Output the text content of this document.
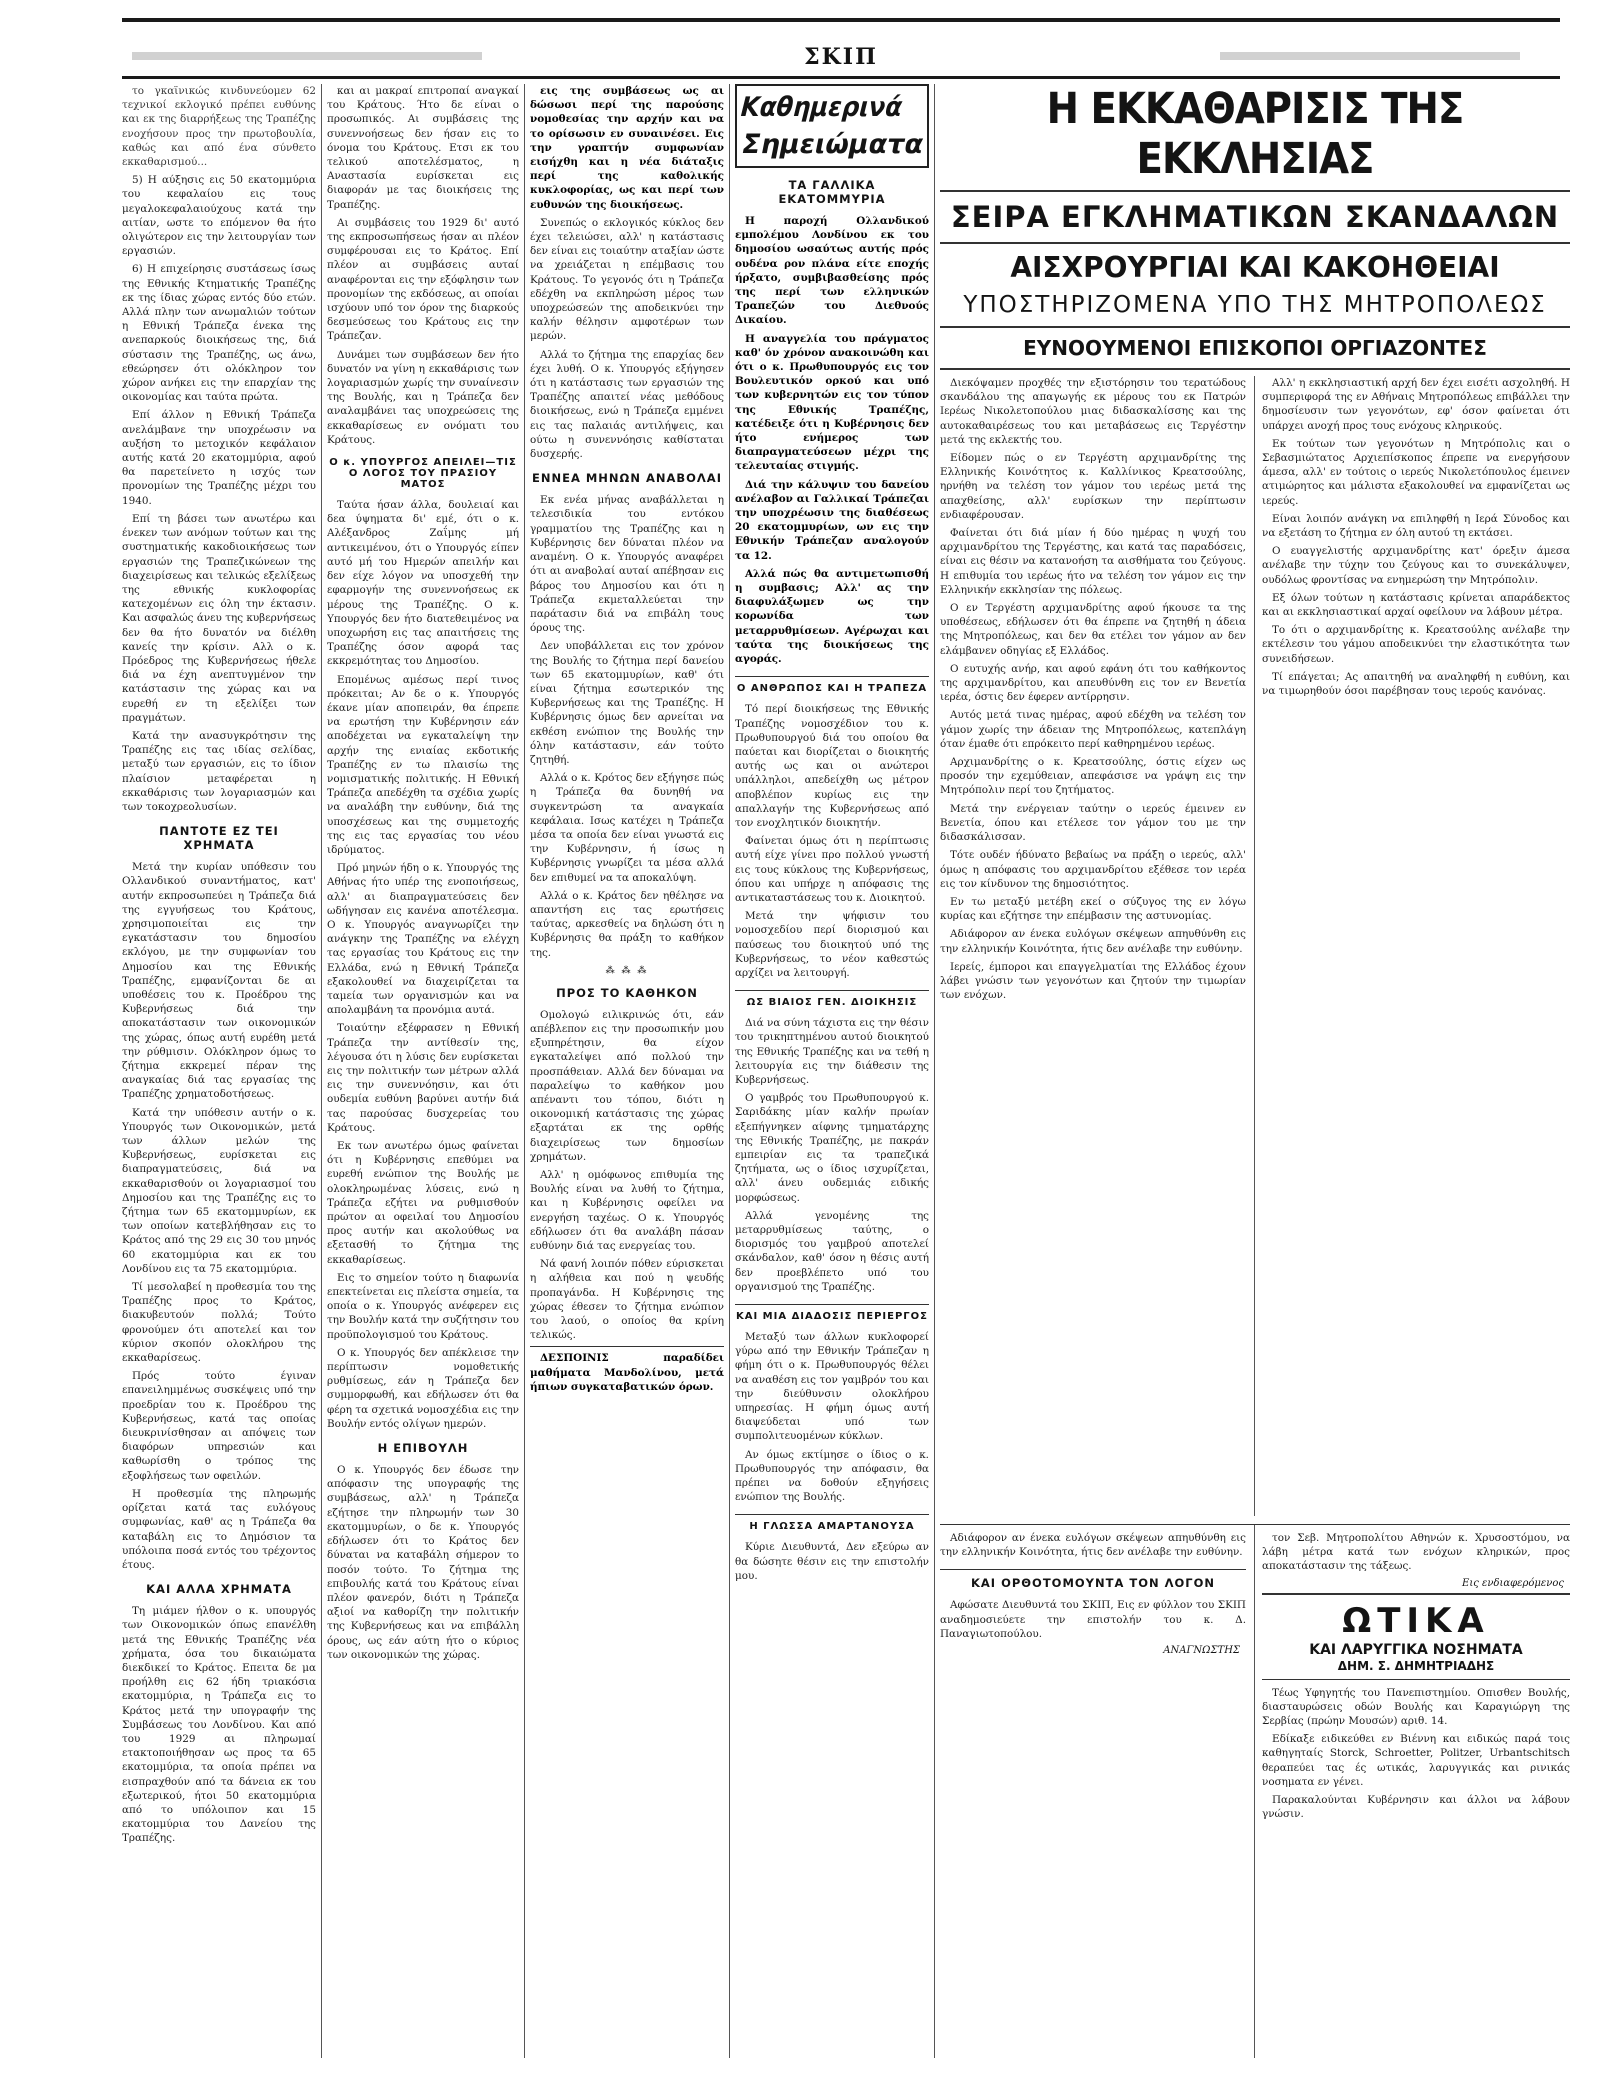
ΣΚΙΠ

το γκαϊνικώς κινδυνεύομεν 62 τεχνικοί εκλογικό πρέπει ευθύνης και εκ της διαρρήξεως της Τραπέζης ενοχήσουν προς την πρωτοβουλία, καθώς και από ένα σύνθετο εκκαθαρισμού...

5) Η αύξησις εις 50 εκατομμύρια του κεφαλαίου εις τους μεγαλοκεφαλαιούχους κατά την αιτίαν, ωστε το επόμενον θα ήτο ολιγώτερον εις την λειτουργίαν των εργασιών.

6) Η επιχείρησις συστάσεως ίσως της Εθνικής Κτηματικής Τραπέζης εκ της ίδιας χώρας εντός δύο ετών. Αλλά πλην των ανωμαλιών τούτων η Εθνική Τράπεζα ένεκα της ανεπαρκούς διοικήσεως της, διά σύστασιν της Τραπέζης, ως άνω, εθεώρησεν ότι ολόκληρον τον χώρον ανήκει εις την επαρχίαν της οικονομίας και ταύτα πρώτα.

Επί άλλον η Εθνική Τράπεζα ανελάμβανε την υποχρέωσιν να αυξήση το μετοχικόν κεφάλαιον αυτής κατά 20 εκατομμύρια, αφού θα παρετείνετο η ισχύς των προνομίων της Τραπέζης μέχρι του 1940.

Επί τη βάσει των ανωτέρω και ένεκεν των ανόμων τούτων και της συστηματικής κακοδιοικήσεως των εργασιών της Τραπεζικώνεων της διαχειρίσεως και τελικώς εξελίξεως της εθνικής κυκλοφορίας κατεχομένων εις όλη την έκτασιν. Και ασφαλώς άνευ της κυβερνήσεως δεν θα ήτο δυνατόν να διέλθη κανείς την κρίσιν. Αλλ ο κ. Πρόεδρος της Κυβερνήσεως ήθελε διά να έχη ανεπτυγμένον την κατάστασιν της χώρας και να ευρεθή εν τη εξελίξει των πραγμάτων.

Κατά την ανασυγκρότησιν της Τραπέζης εις τας ιδίας σελίδας, μεταξύ των εργασιών, εις το ίδιον πλαίσιον μεταφέρεται η εκκαθάρισις των λογαριασμών και των τοκοχρεολυσίων.

ΠΑΝΤΟΤΕ ΕΖ ΤΕΙ ΧΡΗΜΑΤΑ

Μετά την κυρίαν υπόθεσιν του Ολλανδικού συναντήματος, κατ' αυτήν εκπροσωπεύει η Τράπεζα διά της εγγυήσεως του Κράτους, χρησιμοποιείται εις την εγκατάστασιν του δημοσίου εκλόγου, με την συμφωνίαν του Δημοσίου και της Εθνικής Τραπέζης, εμφανίζονται δε αι υποθέσεις του κ. Προέδρου της Κυβερνήσεως διά την αποκατάστασιν των οικονομικών της χώρας, όπως αυτή ευρέθη μετά την ρύθμισιν. Ολόκληρον όμως το ζήτημα εκκρεμεί πέραν της αναγκαίας διά τας εργασίας της Τραπέζης χρηματοδοτήσεως.

Κατά την υπόθεσιν αυτήν ο κ. Υπουργός των Οικονομικών, μετά των άλλων μελών της Κυβερνήσεως, ευρίσκεται εις διαπραγματεύσεις, διά να εκκαθαρισθούν οι λογαριασμοί του Δημοσίου και της Τραπέζης εις το ζήτημα των 65 εκατομμυρίων, εκ των οποίων κατεβλήθησαν εις το Κράτος από της 29 εις 30 του μηνός 60 εκατομμύρια και εκ του Λονδίνου εις τα 75 εκατομμύρια.

Τί μεσολαβεί η προθεσμία του της Τραπέζης προς το Κράτος, διακυβευτούν πολλά; Τούτο φρονούμεν ότι αποτελεί και τον κύριον σκοπόν ολοκλήρου της εκκαθαρίσεως.

Πρός τούτο έγιναν επανειλημμένως συσκέψεις υπό την προεδρίαν του κ. Προέδρου της Κυβερνήσεως, κατά τας οποίας διευκρινίσθησαν αι απόψεις των διαφόρων υπηρεσιών και καθωρίσθη ο τρόπος της εξοφλήσεως των οφειλών.

Η προθεσμία της πληρωμής ορίζεται κατά τας ευλόγους συμφωνίας, καθ' ας η Τράπεζα θα καταβάλη εις το Δημόσιον τα υπόλοιπα ποσά εντός του τρέχοντος έτους.

ΚΑΙ ΑΛΛΑ ΧΡΗΜΑΤΑ

Τη μιάμεν ήλθον ο κ. υπουργός των Οικονομικών όπως επανέλθη μετά της Εθνικής Τραπέζης νέα χρήματα, όσα του δικαιώματα διεκδικεί το Κράτος. Επειτα δε μα προήλθη εις 62 ήδη τριακόσια εκατομμύρια, η Τράπεζα εις το Κράτος μετά την υπογραφήν της Συμβάσεως του Λονδίνου. Και από του 1929 αι πληρωμαί ετακτοποιήθησαν ως προς τα 65 εκατομμύρια, τα οποία πρέπει να εισπραχθούν από τα δάνεια εκ του εξωτερικού, ήτοι 50 εκατομμύρια από το υπόλοιπον και 15 εκατομμύρια του Δανείου της Τραπέζης.

και αι μακραί επιτροπαί αναγκαί του Κράτους. Ήτο δε είναι ο προσωπικός. Αι συμβάσεις της συνεννοήσεως δεν ήσαν εις το όνομα του Κράτους. Ετσι εκ του τελικού αποτελέσματος, η Αναστασία ευρίσκεται εις διαφοράν με τας διοικήσεις της Τραπέζης.

Αι συμβάσεις του 1929 δι' αυτό της εκπροσωπήσεως ήσαν αι πλέον συμφέρουσαι εις το Κράτος. Επί πλέον αι συμβάσεις αυταί αναφέρονται εις την εξόφλησιν των προνομίων της εκδόσεως, αι οποίαι ισχύουν υπό τον όρον της διαρκούς δεσμεύσεως του Κράτους εις την Τράπεζαν.

Δυνάμει των συμβάσεων δεν ήτο δυνατόν να γίνη η εκκαθάρισις των λογαριασμών χωρίς την συναίνεσιν της Βουλής, και η Τράπεζα δεν αναλαμβάνει τας υποχρεώσεις της εκκαθαρίσεως εν ονόματι του Κράτους.

Ο κ. ΥΠΟΥΡΓΟΣ ΑΠΕΙΛΕΙ—ΤΙΣ Ο ΛΟΓΟΣ ΤΟΥ ΠΡΑΣΙΟΥ ΜΑΤΟΣ

Ταύτα ήσαν άλλα, δουλειαί και δεα ύψηματα δι' εμέ, ότι ο κ. Αλέξανδρος Ζαΐμης μή αντικειμένου, ότι ο Υπουργός είπεν αυτό μή του Ημερών απειλήν και δεν είχε λόγον να υποσχεθή την εφαρμογήν της συνεννοήσεως εκ μέρους της Τραπέζης. Ο κ. Υπουργός δεν ήτο διατεθειμένος να υποχωρήση εις τας απαιτήσεις της Τραπέζης όσον αφορά τας εκκρεμότητας του Δημοσίου.

Επομένως αμέσως περί τινος πρόκειται; Αν δε ο κ. Υπουργός έκανε μίαν αποπειράν, θα έπρεπε να ερωτήση την Κυβέρνησιν εάν αποδέχεται να εγκαταλείψη την αρχήν της ενιαίας εκδοτικής Τραπέζης εν τω πλαισίω της νομισματικής πολιτικής. Η Εθνική Τράπεζα απεδέχθη τα σχέδια χωρίς να αναλάβη την ευθύνην, διά της υποσχέσεως και της συμμετοχής της εις τας εργασίας του νέου ιδρύματος.

Πρό μηνών ήδη ο κ. Υπουργός της Αθήνας ήτο υπέρ της ενοποιήσεως, αλλ' αι διαπραγματεύσεις δεν ωδήγησαν εις κανένα αποτέλεσμα. Ο κ. Υπουργός αναγνωρίζει την ανάγκην της Τραπέζης να ελέγχη τας εργασίας του Κράτους εις την Ελλάδα, ενώ η Εθνική Τράπεζα εξακολουθεί να διαχειρίζεται τα ταμεία των οργανισμών και να απολαμβάνη τα προνόμια αυτά.

Τοιαύτην εξέφρασεν η Εθνική Τράπεζα την αντίθεσίν της, λέγουσα ότι η λύσις δεν ευρίσκεται εις την πολιτικήν των μέτρων αλλά εις την συνεννόησιν, και ότι ουδεμία ευθύνη βαρύνει αυτήν διά τας παρούσας δυσχερείας του Κράτους.

Εκ των ανωτέρω όμως φαίνεται ότι η Κυβέρνησις επεθύμει να ευρεθή ενώπιον της Βουλής με ολοκληρωμένας λύσεις, ενώ η Τράπεζα εζήτει να ρυθμισθούν πρώτον αι οφειλαί του Δημοσίου προς αυτήν και ακολούθως να εξετασθή το ζήτημα της εκκαθαρίσεως.

Εις το σημείον τούτο η διαφωνία επεκτείνεται εις πλείστα σημεία, τα οποία ο κ. Υπουργός ανέφερεν εις την Βουλήν κατά την συζήτησιν του προϋπολογισμού του Κράτους.

Ο κ. Υπουργός δεν απέκλεισε την περίπτωσιν νομοθετικής ρυθμίσεως, εάν η Τράπεζα δεν συμμορφωθή, και εδήλωσεν ότι θα φέρη τα σχετικά νομοσχέδια εις την Βουλήν εντός ολίγων ημερών.

Η ΕΠΙΒΟΥΛΗ

Ο κ. Υπουργός δεν έδωσε την απόφασιν της υπογραφής της συμβάσεως, αλλ' η Τράπεζα εζήτησε την πληρωμήν των 30 εκατομμυρίων, ο δε κ. Υπουργός εδήλωσεν ότι το Κράτος δεν δύναται να καταβάλη σήμερον το ποσόν τούτο. Το ζήτημα της επιβουλής κατά του Κράτους είναι πλέον φανερόν, διότι η Τράπεζα αξιοί να καθορίζη την πολιτικήν της Κυβερνήσεως και να επιβάλλη όρους, ως εάν αύτη ήτο ο κύριος των οικονομικών της χώρας.

εις της συμβάσεως ως αι δώσωσι περί της παρούσης νομοθεσίας την αρχήν και να το ορίσωσιν εν συναινέσει. Εις την γραπτήν συμφωνίαν εισήχθη και η νέα διάταξις περί της καθολικής κυκλοφορίας, ως και περί των ευθυνών της διοικήσεως.

Συνεπώς ο εκλογικός κύκλος δεν έχει τελειώσει, αλλ' η κατάστασις δεν είναι εις τοιαύτην αταξίαν ώστε να χρειάζεται η επέμβασις του Κράτους. Το γεγονός ότι η Τράπεζα εδέχθη να εκπληρώση μέρος των υποχρεώσεών της αποδεικνύει την καλήν θέλησιν αμφοτέρων των μερών.

Αλλά το ζήτημα της επαρχίας δεν έχει λυθή. Ο κ. Υπουργός εξήγησεν ότι η κατάστασις των εργασιών της Τραπέζης απαιτεί νέας μεθόδους διοικήσεως, ενώ η Τράπεζα εμμένει εις τας παλαιάς αντιλήψεις, και ούτω η συνεννόησις καθίσταται δυσχερής.

ΕΝΝΕΑ ΜΗΝΩΝ ΑΝΑΒΟΛΑΙ

Εκ ενέα μήνας αναβάλλεται η τελεσιδικία του εντόκου γραμματίου της Τραπέζης και η Κυβέρνησις δεν δύναται πλέον να αναμένη. Ο κ. Υπουργός αναφέρει ότι αι αναβολαί αυταί απέβησαν εις βάρος του Δημοσίου και ότι η Τράπεζα εκμεταλλεύεται την παράτασιν διά να επιβάλη τους όρους της.

Δεν υποβάλλεται εις τον χρόνον της Βουλής το ζήτημα περί δανείου των 65 εκατομμυρίων, καθ' ότι είναι ζήτημα εσωτερικόν της Κυβερνήσεως και της Τραπέζης. Η Κυβέρνησις όμως δεν αρνείται να εκθέση ενώπιον της Βουλής την όλην κατάστασιν, εάν τούτο ζητηθή.

Αλλά ο κ. Κρότος δεν εξήγησε πώς η Τράπεζα θα δυνηθή να συγκεντρώση τα αναγκαία κεφάλαια. Ισως κατέχει η Τράπεζα μέσα τα οποία δεν είναι γνωστά εις την Κυβέρνησιν, ή ίσως η Κυβέρνησις γνωρίζει τα μέσα αλλά δεν επιθυμεί να τα αποκαλύψη.

Αλλά ο κ. Κράτος δεν ηθέλησε να απαντήση εις τας ερωτήσεις ταύτας, αρκεσθείς να δηλώση ότι η Κυβέρνησις θα πράξη το καθήκον της.

⁂ ⁂ ⁂
ΠΡΟΣ ΤΟ ΚΑΘΗΚΟΝ

Ομολογώ ειλικρινώς ότι, εάν απέβλεπον εις την προσωπικήν μου εξυπηρέτησιν, θα είχον εγκαταλείψει από πολλού την προσπάθειαν. Αλλά δεν δύναμαι να παραλείψω το καθήκον μου απέναντι του τόπου, διότι η οικονομική κατάστασις της χώρας εξαρτάται εκ της ορθής διαχειρίσεως των δημοσίων χρημάτων.

Αλλ' η ομόφωνος επιθυμία της Βουλής είναι να λυθή το ζήτημα, και η Κυβέρνησις οφείλει να ενεργήση ταχέως. Ο κ. Υπουργός εδήλωσεν ότι θα αναλάβη πάσαν ευθύνην διά τας ενεργείας του.

Νά φανή λοιπόν πόθεν εύρισκεται η αλήθεια και πού η ψευδής προπαγάνδα. Η Κυβέρνησις της χώρας έθεσεν το ζήτημα ενώπιον του λαού, ο οποίος θα κρίνη τελικώς.

ΔΕΣΠΟΙΝΙΣ παραδίδει μαθήματα Μανδολίνου, μετά ήπιων συγκαταβατικών όρων.

Καθημερινά
Σημειώματα
ΤΑ ΓΑΛΛΙΚΑ ΕΚΑΤΟΜΜΥΡΙΑ

Η παροχή Ολλανδικού εμπολέμου Λονδίνου εκ του δημοσίου ωσαύτως αυτής πρός ουδένα ρον πλάνα είτε εποχής ήρξατο, συμβιβασθείσης πρός της περί των ελληνικών Τραπεζών του Διεθνούς Δικαίου.

Η αναγγελία του πράγματος καθ' όν χρόνον ανακοινώθη και ότι ο κ. Πρωθυπουργός εις τον Βουλευτικόν ορκού και υπό των κυβερνητών εις τον τύπον της Εθνικής Τραπέζης, κατέδειξε ότι η Κυβέρνησις δεν ήτο ενήμερος των διαπραγματεύσεων μέχρι της τελευταίας στιγμής.

Διά την κάλυψιν του δανείου ανέλαβον αι Γαλλικαί Τράπεζαι την υποχρέωσιν της διαθέσεως 20 εκατομμυρίων, ων εις την Εθνικήν Τράπεζαν αναλογούν τα 12.

Αλλά πώς θα αντιμετωπισθή η συμβασις; Αλλ' ας την διαφυλάξωμεν ως την κορωνίδα των μεταρρυθμίσεων. Αγέρωχαι και ταύτα της διοικήσεως της αγοράς.

Ο ΑΝΘΡΩΠΟΣ ΚΑΙ Η ΤΡΑΠΕΖΑ

Τό περί διοικήσεως της Εθνικής Τραπέζης νομοσχέδιον του κ. Πρωθυπουργού διά του οποίου θα παύεται και διορίζεται ο διοικητής αυτής ως και οι ανώτεροι υπάλληλοι, απεδείχθη ως μέτρον αποβλέπον κυρίως εις την απαλλαγήν της Κυβερνήσεως από τον ενοχλητικόν διοικητήν.

Φαίνεται όμως ότι η περίπτωσις αυτή είχε γίνει προ πολλού γνωστή εις τους κύκλους της Κυβερνήσεως, όπου και υπήρχε η απόφασις της αντικαταστάσεως του κ. Διοικητού.

Μετά την ψήφισιν του νομοσχεδίου περί διορισμού και παύσεως του διοικητού υπό της Κυβερνήσεως, το νέον καθεστώς αρχίζει να λειτουργή.

ΩΣ ΒΙΑΙΟΣ ΓΕΝ. ΔΙΟΙΚΗΣΙΣ

Διά να σύνη τάχιστα εις την θέσιν του τρικηπτημένου αυτού διοικητού της Εθνικής Τραπέζης και να τεθή η λειτουργία εις την διάθεσιν της Κυβερνήσεως.

Ο γαμβρός του Πρωθυπουργού κ. Σαριδάκης μίαν καλήν πρωίαν εξεπήγνηκεν αίφνης τμηματάρχης της Εθνικής Τραπέζης, με πακράν εμπειρίαν εις τα τραπεζικά ζητήματα, ως ο ίδιος ισχυρίζεται, αλλ' άνευ ουδεμιάς ειδικής μορφώσεως.

Αλλά γενομένης της μεταρρυθμίσεως ταύτης, ο διορισμός του γαμβρού αποτελεί σκάνδαλον, καθ' όσον η θέσις αυτή δεν προεβλέπετο υπό του οργανισμού της Τραπέζης.

ΚΑΙ ΜΙΑ ΔΙΑΔΟΣΙΣ ΠΕΡΙΕΡΓΟΣ

Μεταξύ των άλλων κυκλοφορεί γύρω από την Εθνικήν Τράπεζαν η φήμη ότι ο κ. Πρωθυπουργός θέλει να αναθέση εις τον γαμβρόν του και την διεύθυνσιν ολοκλήρου υπηρεσίας. Η φήμη όμως αυτή διαψεύδεται υπό των συμπολιτευομένων κύκλων.

Αν όμως εκτίμησε ο ίδιος ο κ. Πρωθυπουργός την απόφασιν, θα πρέπει να δοθούν εξηγήσεις ενώπιον της Βουλής.

Η ΓΛΩΣΣΑ ΑΜΑΡΤΑΝΟΥΣΑ

Κύριε Διευθυντά, Δεν εξεύρω αν θα δώσητε θέσιν εις την επιστολήν μου.

Η ΕΚΚΑΘΑΡΙΣΙΣ ΤΗΣ ΕΚΚΛΗΣΙΑΣ
ΣΕΙΡΑ ΕΓΚΛΗΜΑΤΙΚΩΝ ΣΚΑΝΔΑΛΩΝ
ΑΙΣΧΡΟΥΡΓΙΑΙ ΚΑΙ ΚΑΚΟΗΘΕΙΑΙ
ΥΠΟΣΤΗΡΙΖΟΜΕΝΑ ΥΠΟ ΤΗΣ ΜΗΤΡΟΠΟΛΕΩΣ
ΕΥΝΟΟΥΜΕΝΟΙ ΕΠΙΣΚΟΠΟΙ ΟΡΓΙΑΖΟΝΤΕΣ

Διεκόψαμεν προχθές την εξιστόρησιν του τερατώδους σκανδάλου της απαγωγής εκ μέρους του εκ Πατρών Ιερέως Νικολετοπούλου μιας διδασκαλίσσης και της αυτοκαθαιρέσεως του και μεταβάσεως εις Τεργέστην μετά της εκλεκτής του.

Είδομεν πώς ο εν Τεργέστη αρχιμανδρίτης της Ελληνικής Κοινότητος κ. Καλλίνικος Κρεατσούλης, ηρνήθη να τελέση τον γάμον του ιερέως μετά της απαχθείσης, αλλ' ευρίσκων την περίπτωσιν ενδιαφέρουσαν.

Φαίνεται ότι διά μίαν ή δύο ημέρας η ψυχή του αρχιμανδρίτου της Τεργέστης, και κατά τας παραδόσεις, είναι εις θέσιν να κατανοήση τα αισθήματα του ζεύγους. Η επιθυμία του ιερέως ήτο να τελέση τον γάμον εις την Ελληνικήν εκκλησίαν της πόλεως.

Ο εν Τεργέστη αρχιμανδρίτης αφού ήκουσε τα της υποθέσεως, εδήλωσεν ότι θα έπρεπε να ζητηθή η άδεια της Μητροπόλεως, και δεν θα ετέλει τον γάμον αν δεν ελάμβανεν οδηγίας εξ Ελλάδος.

Ο ευτυχής ανήρ, και αφού εφάνη ότι του καθήκοντος της αρχιμανδρίτου, και απευθύνθη εις τον εν Βενετία ιερέα, όστις δεν έφερεν αντίρρησιν.

Αυτός μετά τινας ημέρας, αφού εδέχθη να τελέση τον γάμον χωρίς την άδειαν της Μητροπόλεως, κατεπλάγη όταν έμαθε ότι επρόκειτο περί καθηρημένου ιερέως.

Αρχιμανδρίτης ο κ. Κρεατσούλης, όστις είχεν ως προσόν την εχεμύθειαν, απεφάσισε να γράψη εις την Μητρόπολιν περί του ζητήματος.

Μετά την ενέργειαν ταύτην ο ιερεύς έμεινεν εν Βενετία, όπου και ετέλεσε τον γάμον του με την διδασκάλισσαν.

Τότε ουδέν ήδύνατο βεβαίως να πράξη ο ιερεύς, αλλ' όμως η απόφασις του αρχιμανδρίτου εξέθεσε τον ιερέα εις τον κίνδυνον της δημοσιότητος.

Εν τω μεταξύ μετέβη εκεί ο σύζυγος της εν λόγω κυρίας και εζήτησε την επέμβασιν της αστυνομίας.

Αδιάφορον αν ένεκα ευλόγων σκέψεων απηυθύνθη εις την ελληνικήν Κοινότητα, ήτις δεν ανέλαβε την ευθύνην.

Ιερείς, έμποροι και επαγγελματίαι της Ελλάδος έχουν λάβει γνώσιν των γεγονότων και ζητούν την τιμωρίαν των ενόχων.

Αλλ' η εκκλησιαστική αρχή δεν έχει εισέτι ασχοληθή. Η συμπεριφορά της εν Αθήναις Μητροπόλεως επιβάλλει την δημοσίευσιν των γεγονότων, εφ' όσον φαίνεται ότι υπάρχει ανοχή προς τους ενόχους κληρικούς.

Εκ τούτων των γεγονότων η Μητρόπολις και ο Σεβασμιώτατος Αρχιεπίσκοπος έπρεπε να ενεργήσουν άμεσα, αλλ' εν τούτοις ο ιερεύς Νικολετόπουλος έμεινεν ατιμώρητος και μάλιστα εξακολουθεί να εμφανίζεται ως ιερεύς.

Είναι λοιπόν ανάγκη να επιληφθή η Ιερά Σύνοδος και να εξετάση το ζήτημα εν όλη αυτού τη εκτάσει.

Ο ευαγγελιστής αρχιμανδρίτης κατ' όρεξιν άμεσα ανέλαβε την τύχην του ζεύγους και το συνεκάλυψεν, ουδόλως φροντίσας να ενημερώση την Μητρόπολιν.

Εξ όλων τούτων η κατάστασις κρίνεται απαράδεκτος και αι εκκλησιαστικαί αρχαί οφείλουν να λάβουν μέτρα.

Το ότι ο αρχιμανδρίτης κ. Κρεατσούλης ανέλαβε την εκτέλεσιν του γάμου αποδεικνύει την ελαστικότητα των συνειδήσεων.

Τί επάγεται; Ας απαιτηθή να αναληφθή η ευθύνη, και να τιμωρηθούν όσοι παρέβησαν τους ιερούς κανόνας.

Αδιάφορον αν ένεκα ευλόγων σκέψεων απηυθύνθη εις την ελληνικήν Κοινότητα, ήτις δεν ανέλαβε την ευθύνην.

ΚΑΙ ΟΡΘΟΤΟΜΟΥΝΤΑ ΤΟΝ ΛΟΓΟΝ

Αφώσατε Διευθυντά του ΣΚΙΠ, Εις εν φύλλον του ΣΚΙΠ αναδημοσιεύετε την επιστολήν του κ. Δ. Παναγιωτοπούλου.

ΑΝΑΓΝΩΣΤΗΣ

τον Σεβ. Μητροπολίτου Αθηνών κ. Χρυσοστόμου, να λάβη μέτρα κατά των ενόχων κληρικών, προς αποκατάστασιν της τάξεως.

Εις ενδιαφερόμενος
ΩΤΙΚΑ
ΚΑΙ ΛΑΡΥΓΓΙΚΑ ΝΟΣΗΜΑΤΑ
ΔΗΜ. Σ. ΔΗΜΗΤΡΙΑΔΗΣ

Τέως Υφηγητής του Πανεπιστημίου. Οπισθεν Βουλής, διασταυρώσεις οδών Βουλής και Καραγιώργη της Σερβίας (πρώην Μουσών) αριθ. 14.

Εδίκαξε ειδικεύθει εν Βιέννη και ειδικώς παρά τοις καθηγηταίς Storck, Schroetter, Politzer, Urbantschitsch θεραπεύει τας ές ωτικάς, λαρυγγικάς και ρινικάς νοσηματα εν γένει.

Παρακαλούνται Κυβέρνησιν και άλλοι να λάβουν γνώσιν.
